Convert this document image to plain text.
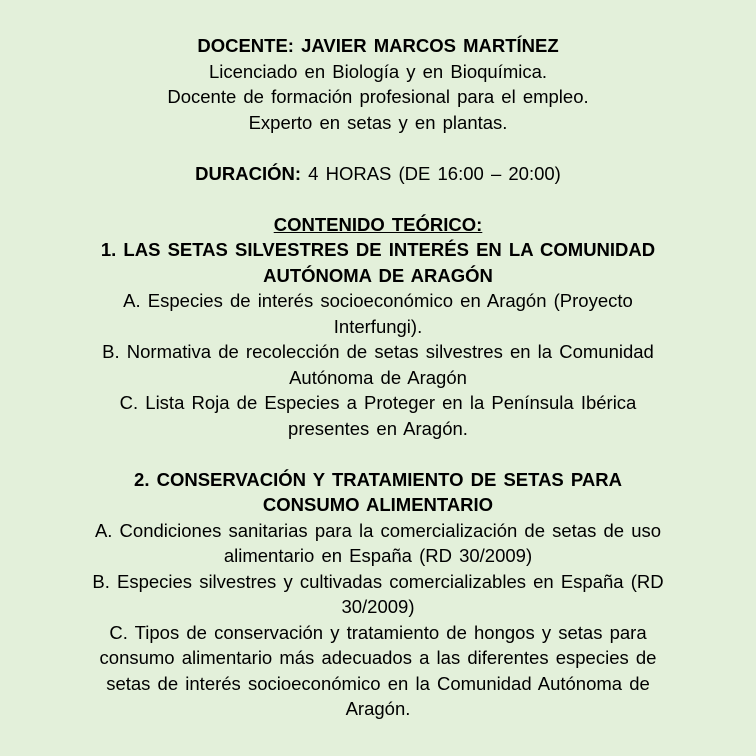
DOCENTE: JAVIER MARCOS MARTÍNEZ
Licenciado en Biología y en Bioquímica.
Docente de formación profesional para el empleo.
Experto en setas y en plantas.
DURACIÓN: 4 HORAS (DE 16:00 – 20:00)
CONTENIDO TEÓRICO:
1. LAS SETAS SILVESTRES DE INTERÉS EN LA COMUNIDAD
AUTÓNOMA DE ARAGÓN
A. Especies de interés socioeconómico en Aragón (Proyecto
Interfungi).
B. Normativa de recolección de setas silvestres en la Comunidad
Autónoma de Aragón
C. Lista Roja de Especies a Proteger en la Península Ibérica
presentes en Aragón.
2. CONSERVACIÓN Y TRATAMIENTO DE SETAS PARA
CONSUMO ALIMENTARIO
A. Condiciones sanitarias para la comercialización de setas de uso
alimentario en España (RD 30/2009)
B. Especies silvestres y cultivadas comercializables en España (RD
30/2009)
C. Tipos de conservación y tratamiento de hongos y setas para
consumo alimentario más adecuados a las diferentes especies de
setas de interés socioeconómico en la Comunidad Autónoma de
Aragón.
